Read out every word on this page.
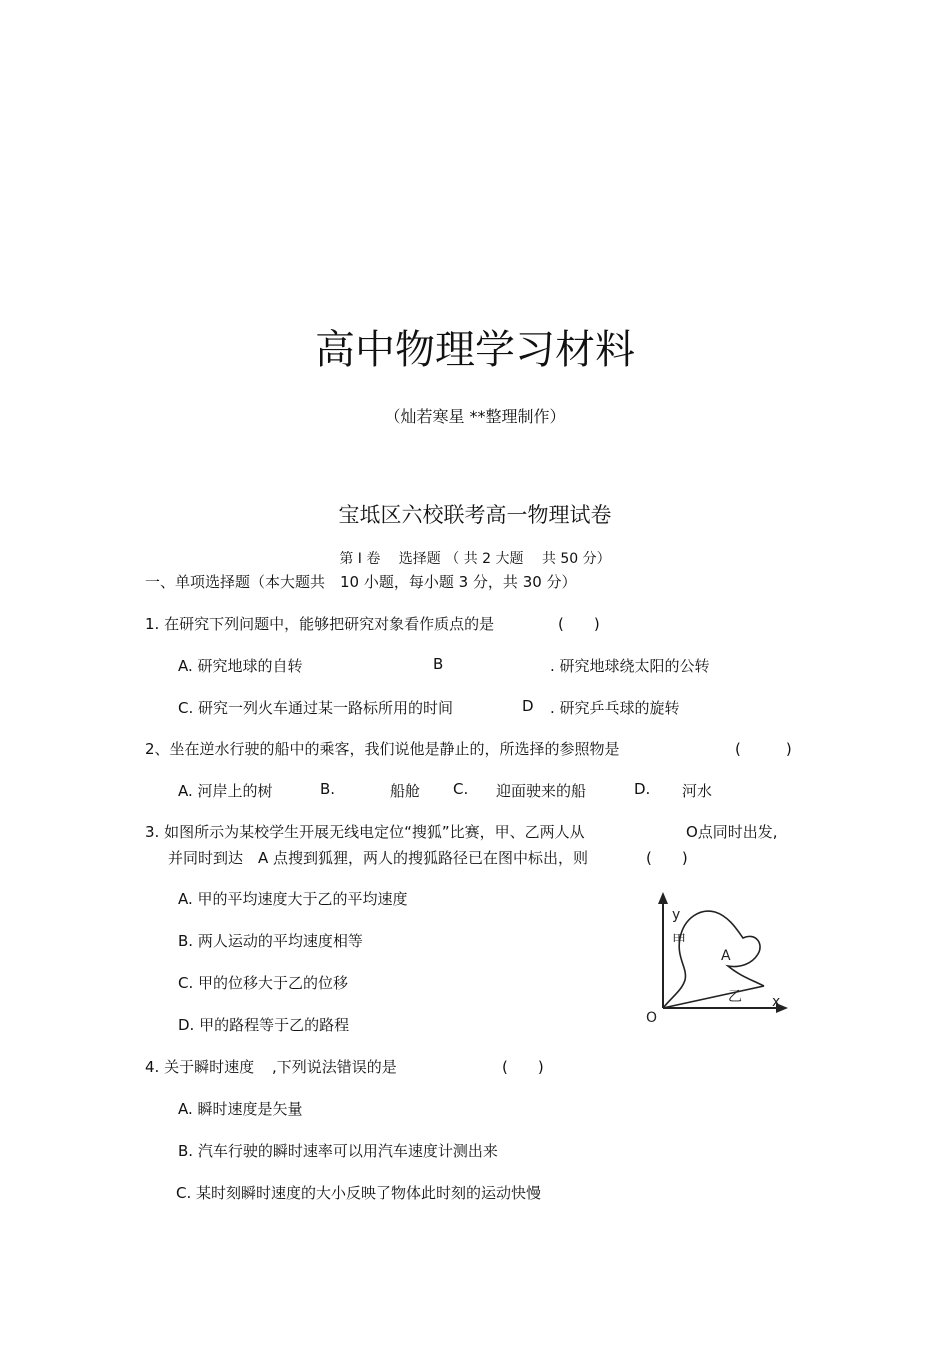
高中物理学习材料
（灿若寒星 **整理制作）
宝坻区六校联考高一物理试卷
第 Ⅰ 卷　 选择题 （ 共 2 大题　 共 50 分）
一、单项选择题（本大题共　10 小题，每小题 3 分，共 30 分）
1. 在研究下列问题中，能够把研究对象看作质点的是	(　　)
A. 研究地球的自转	B	. 研究地球绕太阳的公转
C. 研究一列火车通过某一路标所用的时间	D . 研究乒乓球的旋转
2、坐在逆水行驶的船中的乘客，我们说他是静止的，所选择的参照物是	(　　　)
A. 河岸上的树	B.	船舱 C. 迎面驶来的船	D. 河水
3. 如图所示为某校学生开展无线电定位“搜狐”比赛，甲、乙两人从	O点同时出发,
并同时到达　A 点搜到狐狸，两人的搜狐路径已在图中标出，则	(　　)
A. 甲的平均速度大于乙的平均速度
B. 两人运动的平均速度相等
C. 甲的位移大于乙的位移
D. 甲的路程等于乙的路程
y
x
O
A
甲
乙
4. 关于瞬时速度 ,下列说法错误的是	(　　)
A. 瞬时速度是矢量
B. 汽车行驶的瞬时速率可以用汽车速度计测出来
C. 某时刻瞬时速度的大小反映了物体此时刻的运动快慢
